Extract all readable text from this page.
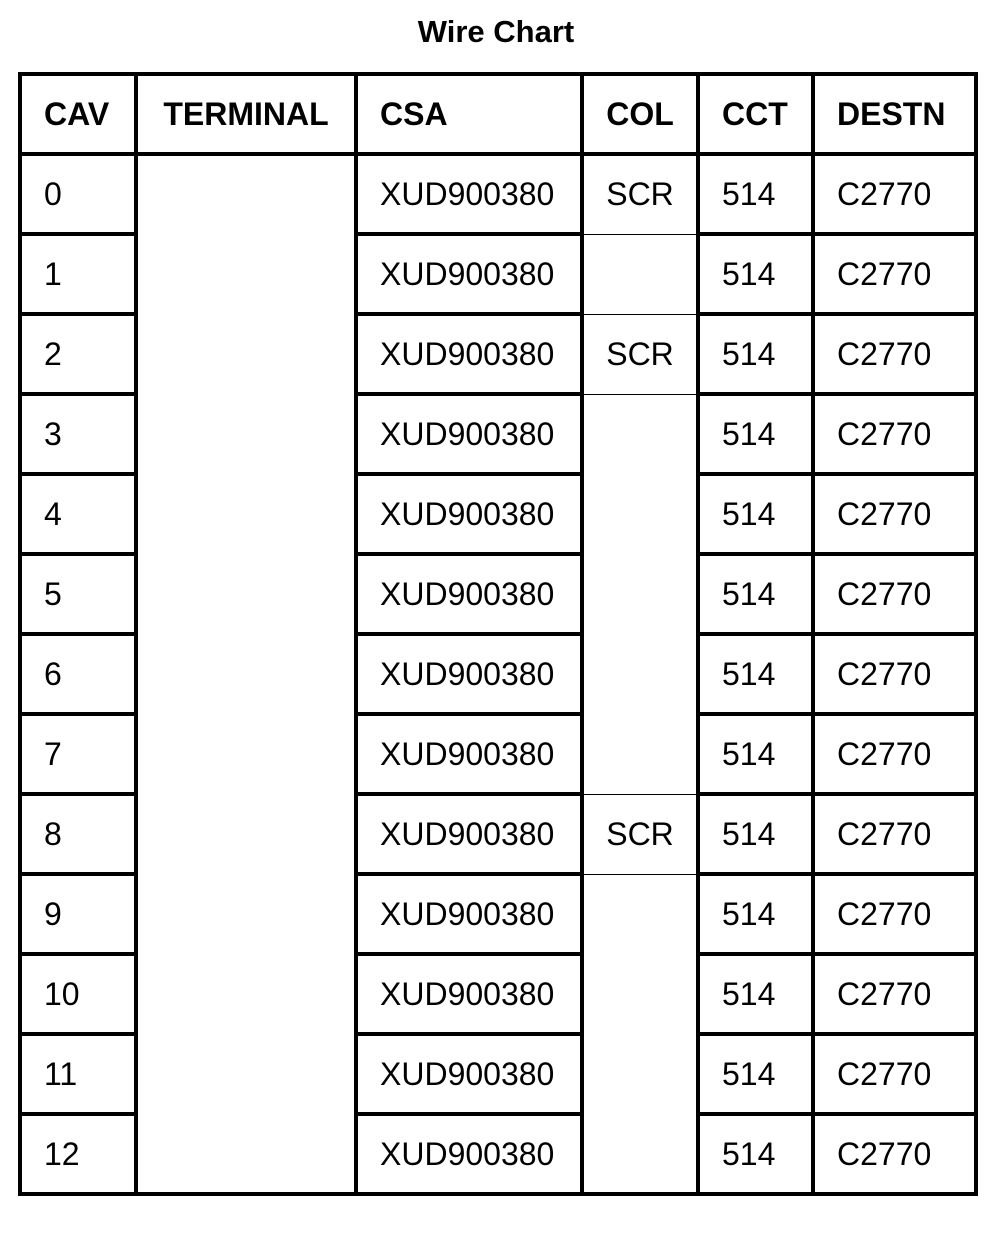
Wire Chart
CAV	TERMINAL	CSA	COL	CCT	DESTN
0		XUD900380	SCR	514	C2770
1		XUD900380		514	C2770
2		XUD900380	SCR	514	C2770
3		XUD900380		514	C2770
4		XUD900380		514	C2770
5		XUD900380		514	C2770
6		XUD900380		514	C2770
7		XUD900380		514	C2770
8		XUD900380	SCR	514	C2770
9		XUD900380		514	C2770
10		XUD900380		514	C2770
11		XUD900380		514	C2770
12		XUD900380		514	C2770
